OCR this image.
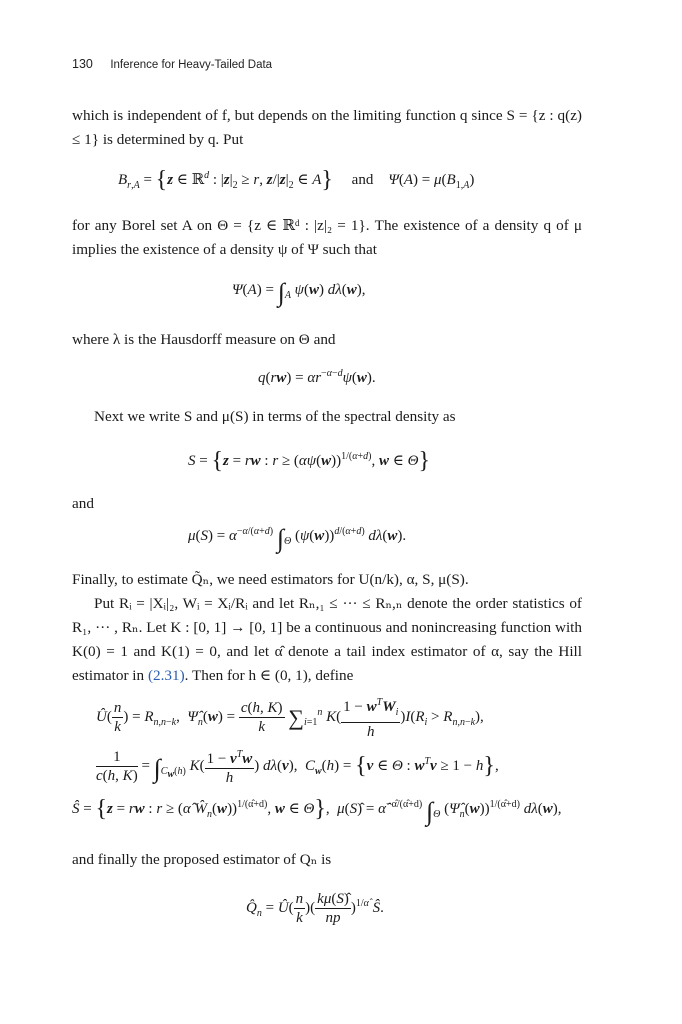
130 Inference for Heavy-Tailed Data
which is independent of f, but depends on the limiting function q since S = {z : q(z) ≤ 1} is determined by q. Put
$B_{r,A} = \{z$ ∈ ℝ$^d$ : $|z|_2 \ge r$, $z/|z|_2$ ∈ A} and $\Psi(A) = \mu(B_{1,A})$
for any Borel set A on Θ = {z ∈ ℝᵈ : |z|₂ = 1}. The existence of a density q of μ implies the existence of a density ψ of Ψ such that
$\Psi(A) = \int_A$ ψ(w) dλ(w),
where λ is the Hausdorff measure on Θ and
$q(rw) = \alpha r^{-\alpha-d}\psi(w)$.
Next we write S and μ(S) in terms of the spectral density as
S = {z = rw : $r \ge (\alpha\psi(w))^{1/(\alpha+d)}$, w ∈ Θ}
and
$\mu(S) = \alpha^{-\alpha/(\alpha+d)}$ $\int_\Theta$ $(\psi(w))^{d/(\alpha+d)}$ dλ(w).
Finally, to estimate Q̃ₙ, we need estimators for U(n/k), α, S, μ(S).
Put Rᵢ = |Xᵢ|₂, Wᵢ = Xᵢ/Rᵢ and let Rₙ,₁ ≤ ··· ≤ Rₙ,ₙ denote the order statistics of R₁, ··· , Rₙ. Let K : [0, 1] → [0, 1] be a continuous and nonincreasing function with K(0) = 1 and K(1) = 0, and let α̂ denote a tail index estimator of α, say the Hill estimator in (2.31). Then for h ∈ (0, 1), define
Û( $\frac{n}{k}$ ) = $R_{n,n-k}$,  $\Psî_n(w) = \frac{c(h, K)}{k} \sum_{i=1}^n$ $K( \frac{1 - w^TW_i}{h} )I(R_i > R_{n,n-k})$,
$\frac{1}{c(h, K)} = \int_{C_w(h)}$ $K( \frac{1 - v^Tw}{h}$ ) dλ(v),  $C_w(h) = \{v$ ∈ Θ : $w^Tv \ge 1 - h$},
Ŝ = {z = rw : r ≥ (α̂ $Ŵ_n(w))^{1/(\alphâ+d)}$, w ∈ Θ},  μ(S)̂ = α̂$^{-\alphâ/(\alphâ+d)}$ $\int_\Theta$ $(\Psî_n(w))^{1/(\alphâ+d)}$ dλ(w),
and finally the proposed estimator of Qₙ is
$Q̂_n$ = Û( $\frac{n}{k}$ )( $\frac{k\mu(S)̂}{np} )^{1/\alphâ}$ Ŝ.
